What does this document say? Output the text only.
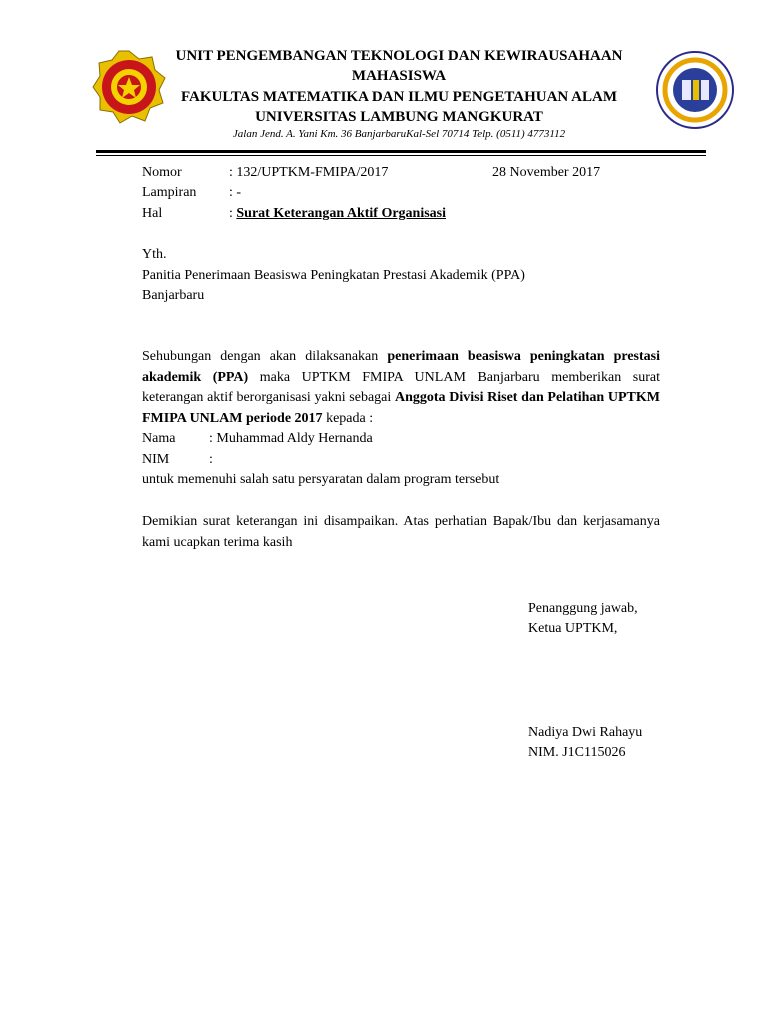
UNIT PENGEMBANGAN TEKNOLOGI DAN KEWIRAUSAHAAN
MAHASISWA
FAKULTAS MATEMATIKA DAN ILMU PENGETAHUAN ALAM
UNIVERSITAS LAMBUNG MANGKURAT
Jalan Jend. A. Yani Km. 36 BanjarbaruKal-Sel 70714 Telp. (0511) 4773112
Nomor	: 132/UPTKM-FMIPA/2017	28 November 2017
Lampiran : -
Hal	: Surat Keterangan Aktif Organisasi
Yth.
Panitia Penerimaan Beasiswa Peningkatan Prestasi Akademik (PPA)
Banjarbaru
Sehubungan dengan akan dilaksanakan penerimaan beasiswa peningkatan prestasi akademik (PPA) maka UPTKM FMIPA UNLAM Banjarbaru memberikan surat keterangan aktif berorganisasi yakni sebagai Anggota Divisi Riset dan Pelatihan UPTKM FMIPA UNLAM periode 2017 kepada :
Nama : Muhammad Aldy Hernanda
NIM	:
untuk memenuhi salah satu persyaratan dalam program tersebut
Demikian surat keterangan ini disampaikan. Atas perhatian Bapak/Ibu dan kerjasamanya kami ucapkan terima kasih
Penanggung jawab,
Ketua UPTKM,
Nadiya Dwi Rahayu
NIM. J1C115026
